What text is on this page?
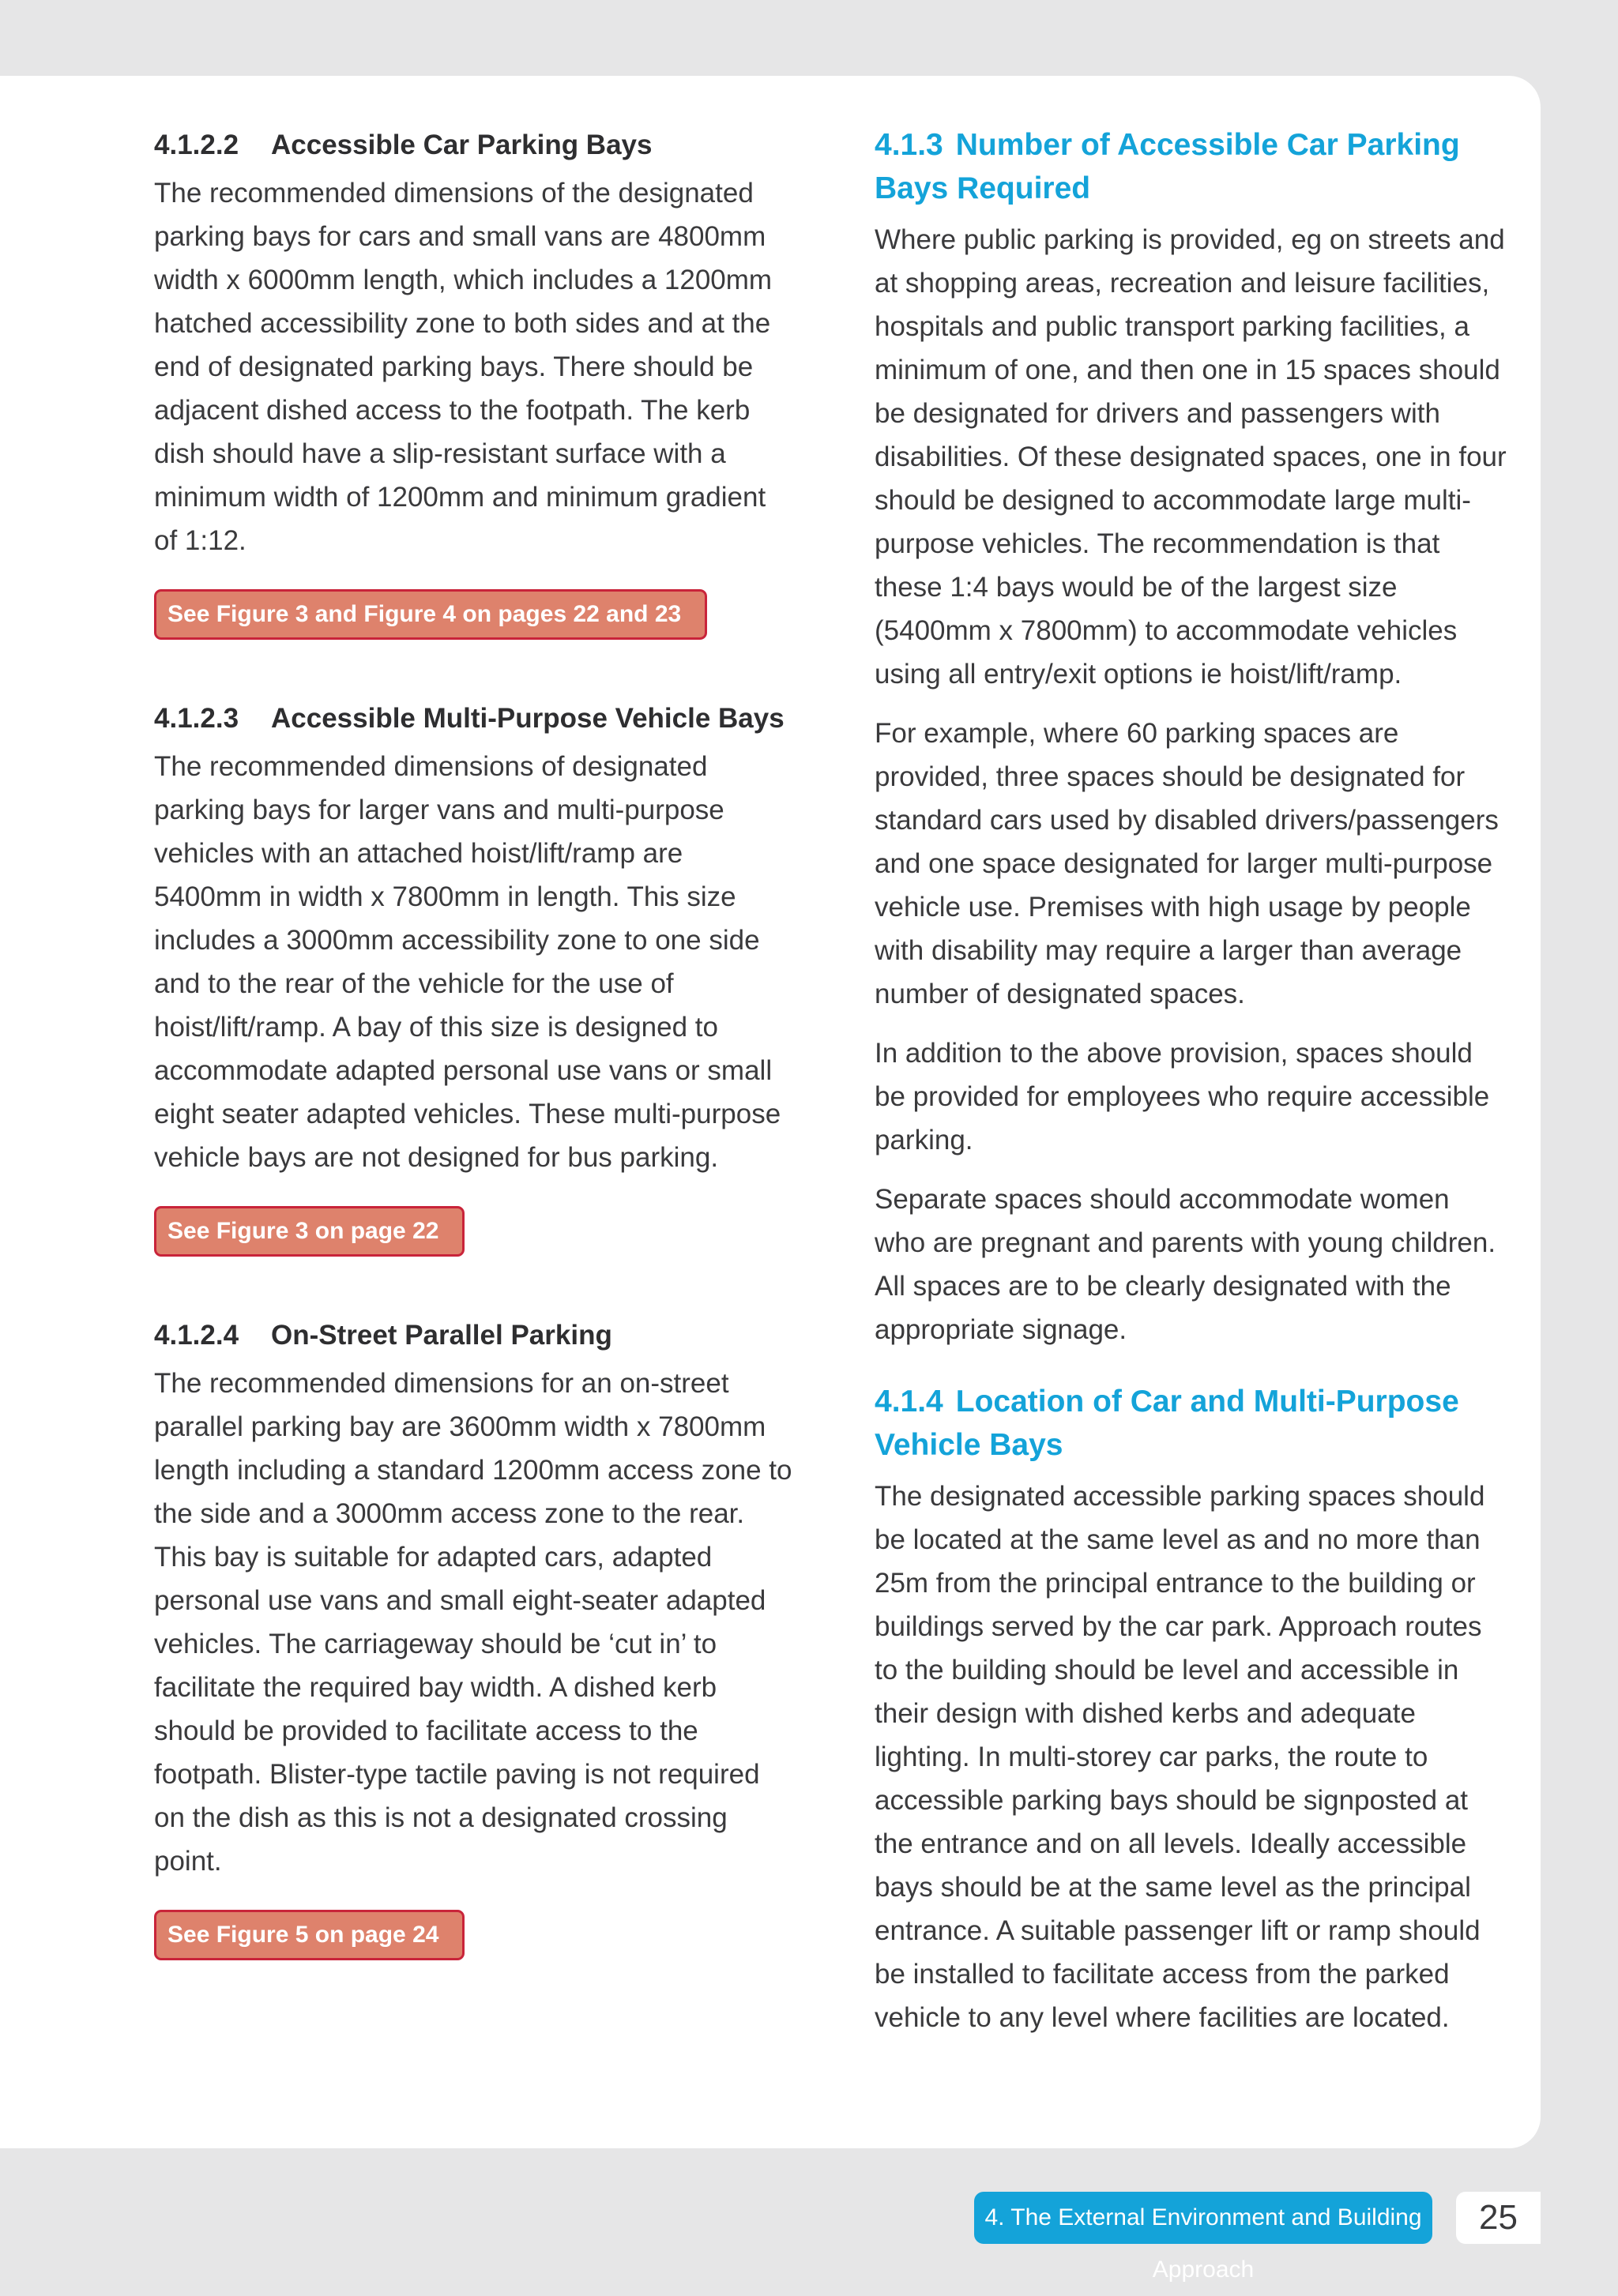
4.1.2.2 Accessible Car Parking Bays

The recommended dimensions of the designated parking bays for cars and small vans are 4800mm width x 6000mm length, which includes a 1200mm hatched accessibility zone to both sides and at the end of designated parking bays. There should be adjacent dished access to the footpath. The kerb dish should have a slip-resistant surface with a minimum width of 1200mm and minimum gradient of 1:12.

See Figure 3 and Figure 4 on pages 22 and 23
4.1.2.3 Accessible Multi-Purpose Vehicle Bays

The recommended dimensions of designated parking bays for larger vans and multi-purpose vehicles with an attached hoist/lift/ramp are 5400mm in width x 7800mm in length. This size includes a 3000mm accessibility zone to one side and to the rear of the vehicle for the use of hoist/lift/ramp. A bay of this size is designed to accommodate adapted personal use vans or small eight seater adapted vehicles. These multi-purpose vehicle bays are not designed for bus parking.

See Figure 3 on page 22
4.1.2.4 On-Street Parallel Parking

The recommended dimensions for an on-street parallel parking bay are 3600mm width x 7800mm length including a standard 1200mm access zone to the side and a 3000mm access zone to the rear. This bay is suitable for adapted cars, adapted personal use vans and small eight-seater adapted vehicles. The carriageway should be ‘cut in’ to facilitate the required bay width. A dished kerb should be provided to facilitate access to the footpath. Blister-type tactile paving is not required on the dish as this is not a designated crossing point.

See Figure 5 on page 24
4.1.3 Number of Accessible Car Parking Bays Required

Where public parking is provided, eg on streets and at shopping areas, recreation and leisure facilities, hospitals and public transport parking facilities, a minimum of one, and then one in 15 spaces should be designated for drivers and passengers with disabilities. Of these designated spaces, one in four should be designed to accommodate large multi-purpose vehicles. The recommendation is that these 1:4 bays would be of the largest size (5400mm x 7800mm) to accommodate vehicles using all entry/exit options ie hoist/lift/ramp.

For example, where 60 parking spaces are provided, three spaces should be designated for standard cars used by disabled drivers/passengers and one space designated for larger multi-purpose vehicle use. Premises with high usage by people with disability may require a larger than average number of designated spaces.

In addition to the above provision, spaces should be provided for employees who require accessible parking.

Separate spaces should accommodate women who are pregnant and parents with young children. All spaces are to be clearly designated with the appropriate signage.

4.1.4 Location of Car and Multi-Purpose Vehicle Bays

The designated accessible parking spaces should be located at the same level as and no more than 25m from the principal entrance to the building or buildings served by the car park. Approach routes to the building should be level and accessible in their design with dished kerbs and adequate lighting. In multi-storey car parks, the route to accessible parking bays should be signposted at the entrance and on all levels. Ideally accessible bays should be at the same level as the principal entrance. A suitable passenger lift or ramp should be installed to facilitate access from the parked vehicle to any level where facilities are located.

4. The External Environment and Building Approach
25
